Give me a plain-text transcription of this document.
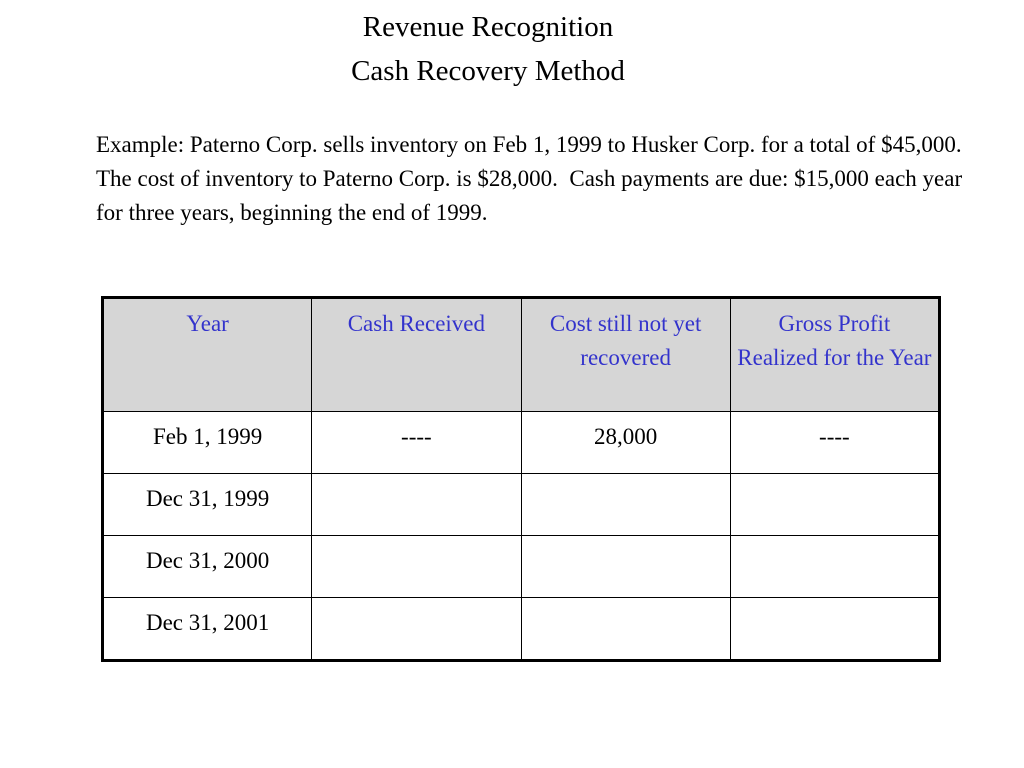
Revenue Recognition
Cash Recovery Method
Example: Paterno Corp. sells inventory on Feb 1, 1999 to Husker Corp. for a total of $45,000.  The cost of inventory to Paterno Corp. is $28,000.  Cash payments are due: $15,000 each year for three years, beginning the end of 1999.
Year	Cash Received	Cost still not yet recovered	Gross Profit Realized for the Year
Feb 1, 1999	----	28,000	----
Dec 31, 1999			
Dec 31, 2000			
Dec 31, 2001			
